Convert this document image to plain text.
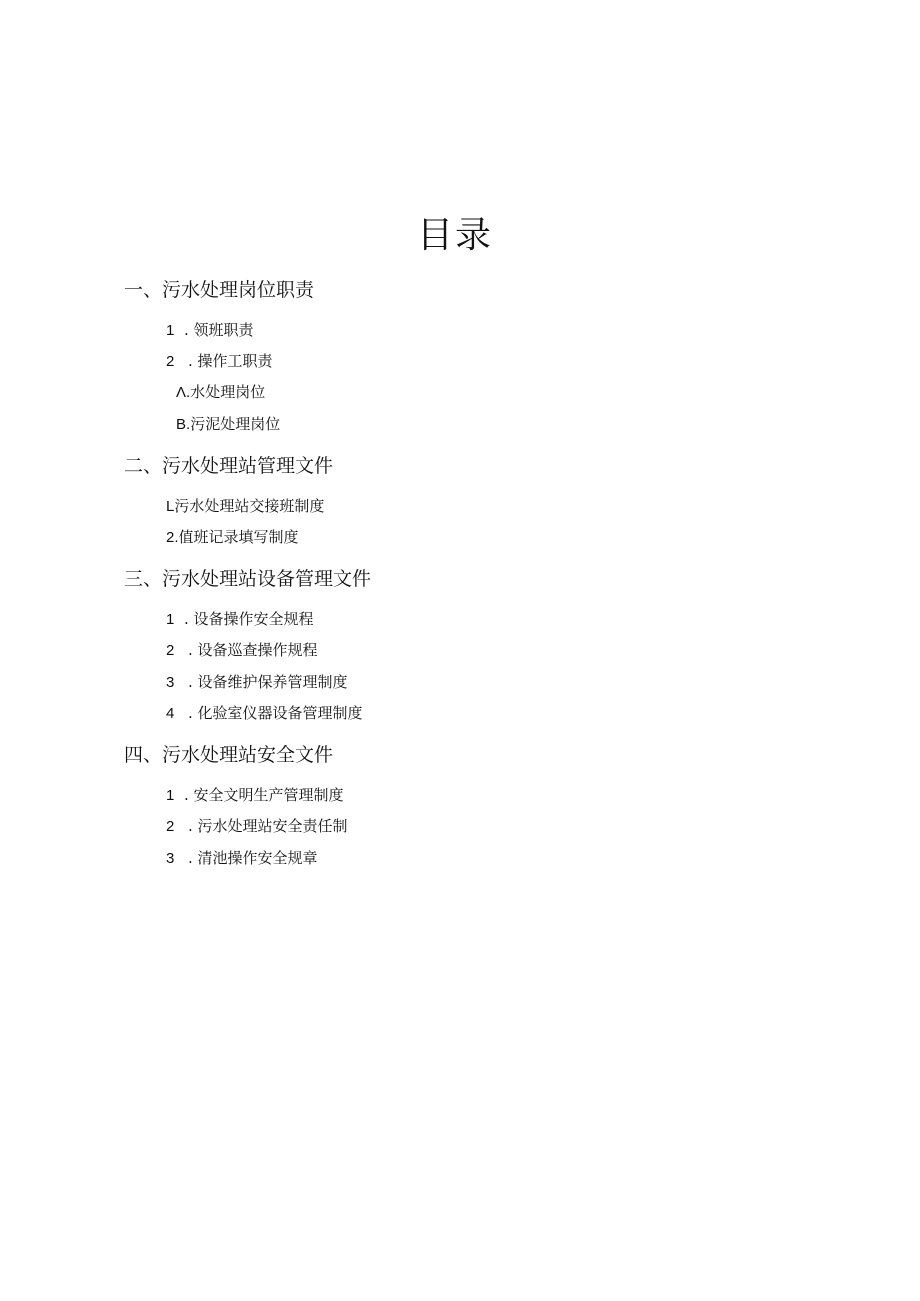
目录
一、污水处理岗位职责
1 . 领班职责
2 . 操作工职责
Λ.水处理岗位
B.污泥处理岗位
二、污水处理站管理文件
L污水处理站交接班制度
2.值班记录填写制度
三、污水处理站设备管理文件
1 . 设备操作安全规程
2 . 设备巡查操作规程
3 . 设备维护保养管理制度
4 . 化验室仪器设备管理制度
四、污水处理站安全文件
1 . 安全文明生产管理制度
2 . 污水处理站安全责任制
3 . 清池操作安全规章
